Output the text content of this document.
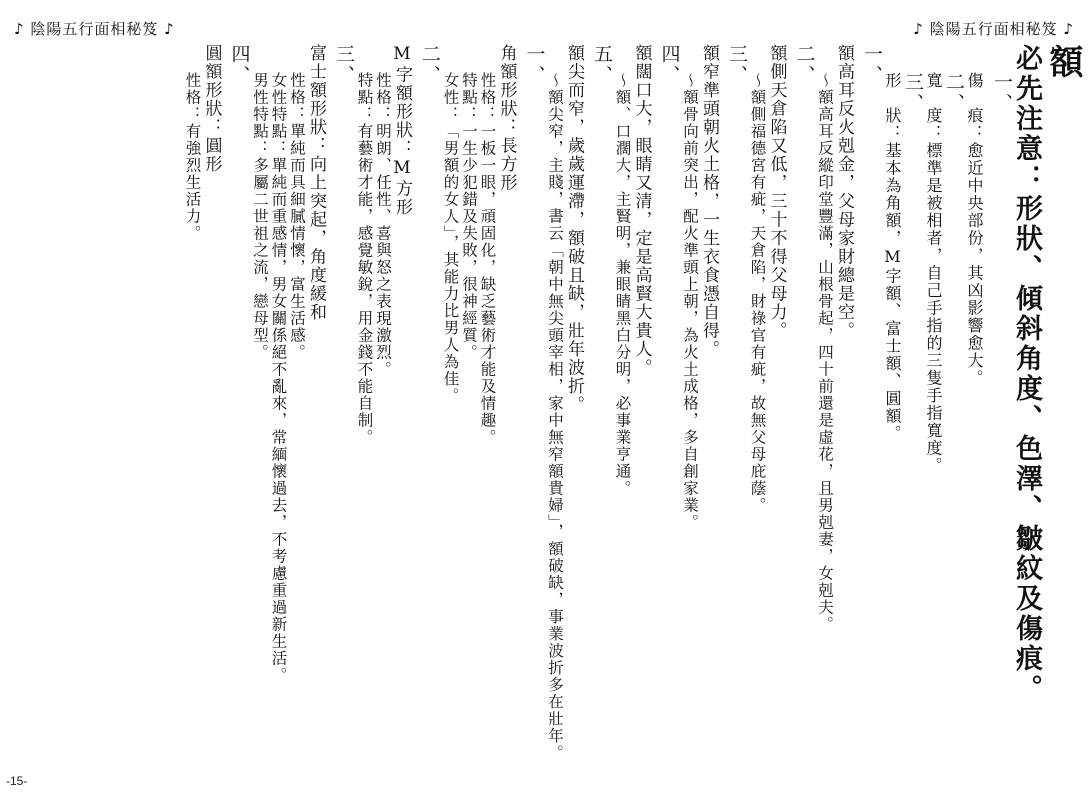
♪ 陰陽五行面相秘笈 ♪	♪ 陰陽五行面相秘笈 ♪
額
必先注意：形狀、傾斜角度、色澤、皺紋及傷痕。
一、
傷　痕：愈近中央部份，其凶影響愈大。
二、
寬　度：標準是被相者，自己手指的三隻手指寬度。
三、
形　狀：基本為角額，M字額、富士額、圓額。
一、
額高耳反火剋金，父母家財總是空。
～額高耳反縱印堂豐滿，山根骨起，四十前還是虛花，且男剋妻，女剋夫。
二、
額側天倉陷又低，三十不得父母力。
～額側福德宮有疵，天倉陷，財祿官有疵，故無父母庇蔭。
三、
額窄準頭朝火土格，一生衣食憑自得。
～額骨向前突出，配火準頭上朝，為火土成格，多自創家業。
四、
額闊口大，眼睛又清，定是高賢大貴人。
～額、口濶大，主賢明，兼眼睛黑白分明，必事業亨通。
五、
額尖而窄，歲歲運滯，額破且缺，壯年波折。
～額尖窄，主賤，書云「朝中無尖頭宰相，家中無窄額貴婦」，額破缺，事業波折多在壯年。
一、
角額形狀：長方形
性格：一板一眼，頑固化，缺乏藝術才能及情趣。
特點：一生少犯錯及失敗，很神經質。
女性：「男額的女人」，其能力比男人為佳。
二、
M字額形狀：M方形
性格：明朗、任性、喜與怒之表現激烈。
特點：有藝術才能，感覺敏銳，用金錢不能自制。
三、
富士額形狀：向上突起，角度緩和
性格：單純而具細膩情懷，富生活感。
女性特點：單純而重感情，男女關係絕不亂來，常緬懷過去，不考慮重過新生活。
男性特點：多屬二世祖之流，戀母型。
四、
圓額形狀：圓形
性格：有強烈生活力。
-15-
